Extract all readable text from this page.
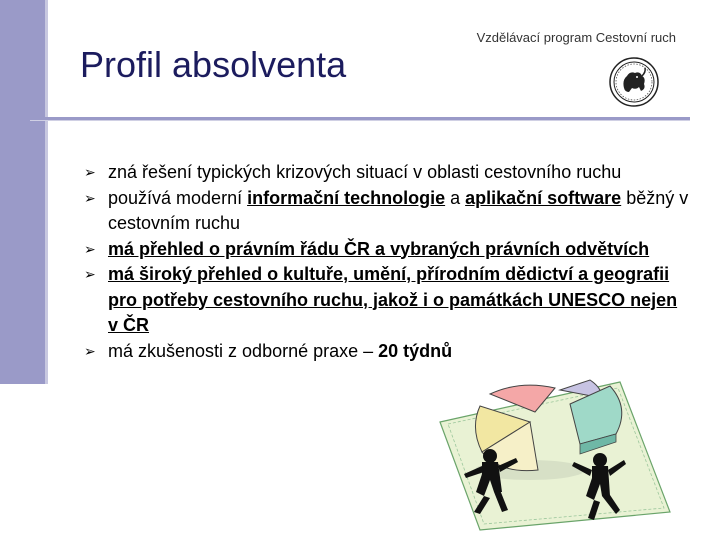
Vzdělávací program Cestovní ruch
Profil absolventa
➢ zná řešení typických krizových situací v oblasti cestovního ruchu
➢ používá moderní informační technologie a aplikační software běžný v cestovním ruchu
➢ má přehled o právním řádu ČR a vybraných právních odvětvích
➢ má široký přehled o kultuře, umění, přírodním dědictví a geografii pro potřeby cestovního ruchu, jakož i o památkách UNESCO nejen v ČR
➢ má zkušenosti z odborné praxe – 20 týdnů
